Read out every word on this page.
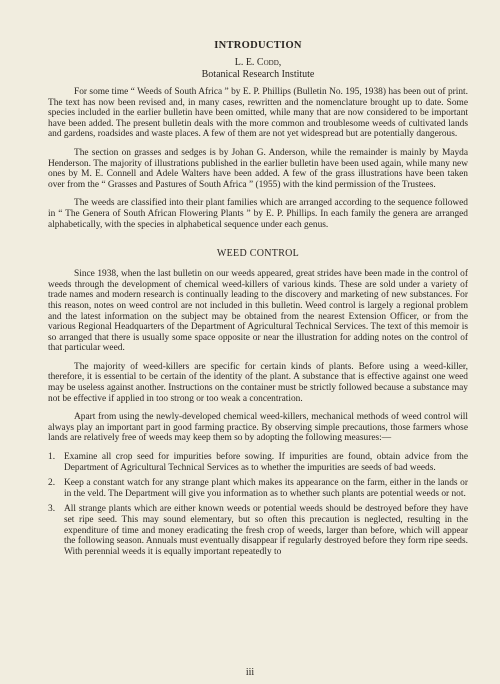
INTRODUCTION
L. E. Codd,
Botanical Research Institute

For some time “ Weeds of South Africa ” by E. P. Phillips (Bulletin No. 195, 1938) has been out of print. The text has now been revised and, in many cases, rewritten and the nomenclature brought up to date. Some species included in the earlier bulletin have been omitted, while many that are now considered to be important have been added. The present bulletin deals with the more common and troublesome weeds of cultivated lands and gardens, roadsides and waste places. A few of them are not yet widespread but are potentially dangerous.

The section on grasses and sedges is by Johan G. Anderson, while the remainder is mainly by Mayda Henderson. The majority of illustrations published in the earlier bulletin have been used again, while many new ones by M. E. Connell and Adele Walters have been added. A few of the grass illustrations have been taken over from the “ Grasses and Pastures of South Africa ” (1955) with the kind permission of the Trustees.

The weeds are classified into their plant families which are arranged according to the sequence followed in “ The Genera of South African Flowering Plants ” by E. P. Phillips. In each family the genera are arranged alphabetically, with the species in alphabetical sequence under each genus.

WEED CONTROL

Since 1938, when the last bulletin on our weeds appeared, great strides have been made in the control of weeds through the development of chemical weed-killers of various kinds. These are sold under a variety of trade names and modern research is continually leading to the discovery and marketing of new substances. For this reason, notes on weed control are not included in this bulletin. Weed control is largely a regional problem and the latest information on the subject may be obtained from the nearest Extension Officer, or from the various Regional Headquarters of the Department of Agricultural Technical Services. The text of this memoir is so arranged that there is usually some space opposite or near the illustration for adding notes on the control of that particular weed.

The majority of weed-killers are specific for certain kinds of plants. Before using a weed-killer, therefore, it is essential to be certain of the identity of the plant. A substance that is effective against one weed may be useless against another. Instructions on the container must be strictly followed because a substance may not be effective if applied in too strong or too weak a concentration.

Apart from using the newly-developed chemical weed-killers, mechanical methods of weed control will always play an important part in good farming practice. By observing simple precautions, those farmers whose lands are relatively free of weeds may keep them so by adopting the following measures:—

1. Examine all crop seed for impurities before sowing. If impurities are found, obtain advice from the Department of Agricultural Technical Services as to whether the impurities are seeds of bad weeds.
2. Keep a constant watch for any strange plant which makes its appearance on the farm, either in the lands or in the veld. The Department will give you information as to whether such plants are potential weeds or not.
3. All strange plants which are either known weeds or potential weeds should be destroyed before they have set ripe seed. This may sound elementary, but so often this precaution is neglected, resulting in the expenditure of time and money eradicating the fresh crop of weeds, larger than before, which will appear the following season. Annuals must eventually disappear if regularly destroyed before they form ripe seeds. With perennial weeds it is equally important repeatedly to
iii
